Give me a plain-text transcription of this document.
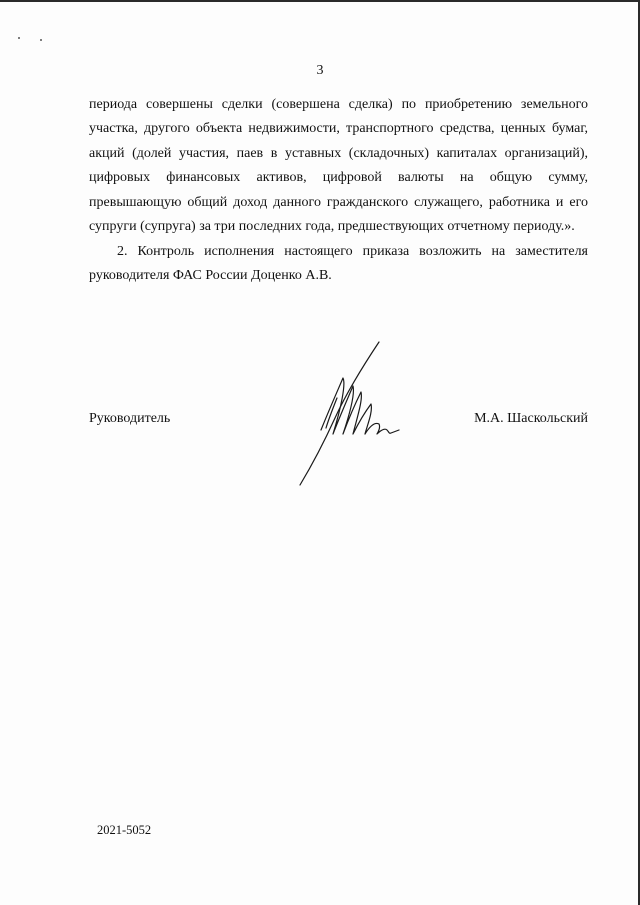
3
периода совершены сделки (совершена сделка) по приобретению земельного
участка, другого объекта недвижимости, транспортного средства, ценных бумаг,
акций (долей участия, паев в уставных (складочных) капиталах организаций),
цифровых финансовых активов, цифровой валюты на общую сумму,
превышающую общий доход данного гражданского служащего, работника и его
супруги (супруга) за три последних года, предшествующих отчетному периоду.».
2. Контроль исполнения настоящего приказа возложить на заместителя
руководителя ФАС России Доценко А.В.
Руководитель	М.А. Шаскольский
2021-5052
